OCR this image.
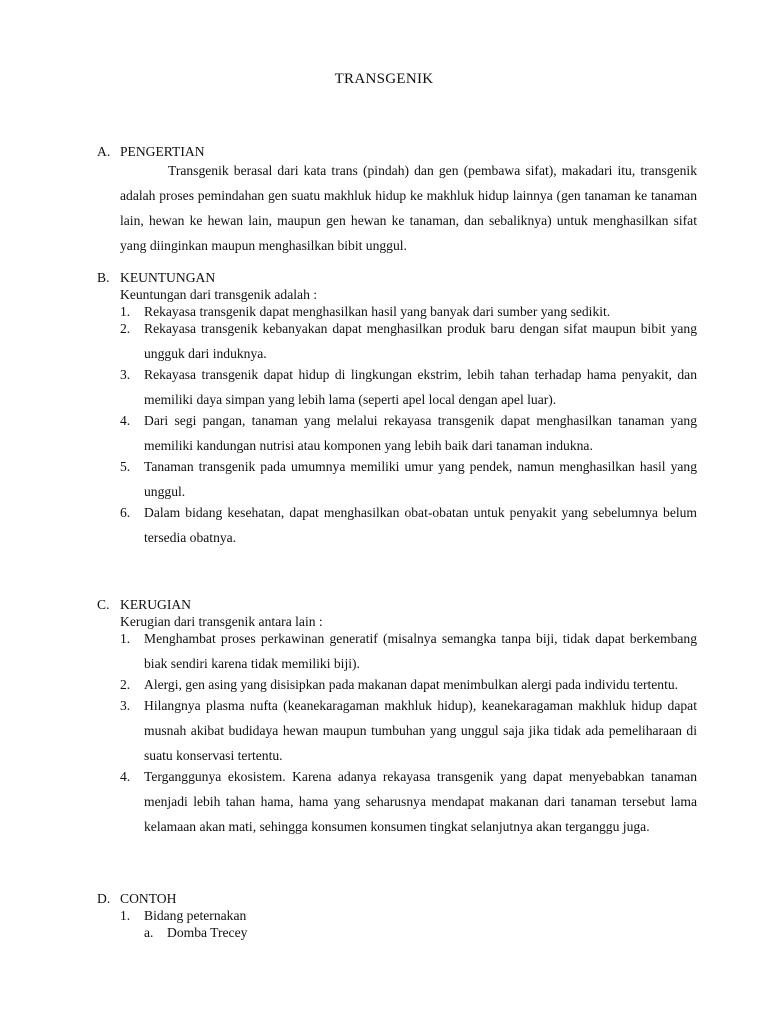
TRANSGENIK
A. PENGERTIAN
Transgenik berasal dari kata trans (pindah) dan gen (pembawa sifat), makadari itu, transgenik adalah proses pemindahan gen suatu makhluk hidup ke makhluk hidup lainnya (gen tanaman ke tanaman lain, hewan ke hewan lain, maupun gen hewan ke tanaman, dan sebaliknya) untuk menghasilkan sifat yang diinginkan maupun menghasilkan bibit unggul.
B. KEUNTUNGAN
Keuntungan dari transgenik adalah :
1. Rekayasa transgenik dapat menghasilkan hasil yang banyak dari sumber yang sedikit.
2. Rekayasa transgenik kebanyakan dapat menghasilkan produk baru dengan sifat maupun bibit yang ungguk dari induknya.
3. Rekayasa transgenik dapat hidup di lingkungan ekstrim, lebih tahan terhadap hama penyakit, dan memiliki daya simpan yang lebih lama (seperti apel local dengan apel luar).
4. Dari segi pangan, tanaman yang melalui rekayasa transgenik dapat menghasilkan tanaman yang memiliki kandungan nutrisi atau komponen yang lebih baik dari tanaman indukna.
5. Tanaman transgenik pada umumnya memiliki umur yang pendek, namun menghasilkan hasil yang unggul.
6. Dalam bidang kesehatan, dapat menghasilkan obat-obatan untuk penyakit yang sebelumnya belum tersedia obatnya.
C. KERUGIAN
Kerugian dari transgenik antara lain :
1. Menghambat proses perkawinan generatif (misalnya semangka tanpa biji, tidak dapat berkembang biak sendiri karena tidak memiliki biji).
2. Alergi, gen asing yang disisipkan pada makanan dapat menimbulkan alergi pada individu tertentu.
3. Hilangnya plasma nufta (keanekaragaman makhluk hidup), keanekaragaman makhluk hidup dapat musnah akibat budidaya hewan maupun tumbuhan yang unggul saja jika tidak ada pemeliharaan di suatu konservasi tertentu.
4. Terganggunya ekosistem. Karena adanya rekayasa transgenik yang dapat menyebabkan tanaman menjadi lebih tahan hama, hama yang seharusnya mendapat makanan dari tanaman tersebut lama kelamaan akan mati, sehingga konsumen konsumen tingkat selanjutnya akan terganggu juga.
D. CONTOH
1. Bidang peternakan
a. Domba Trecey
